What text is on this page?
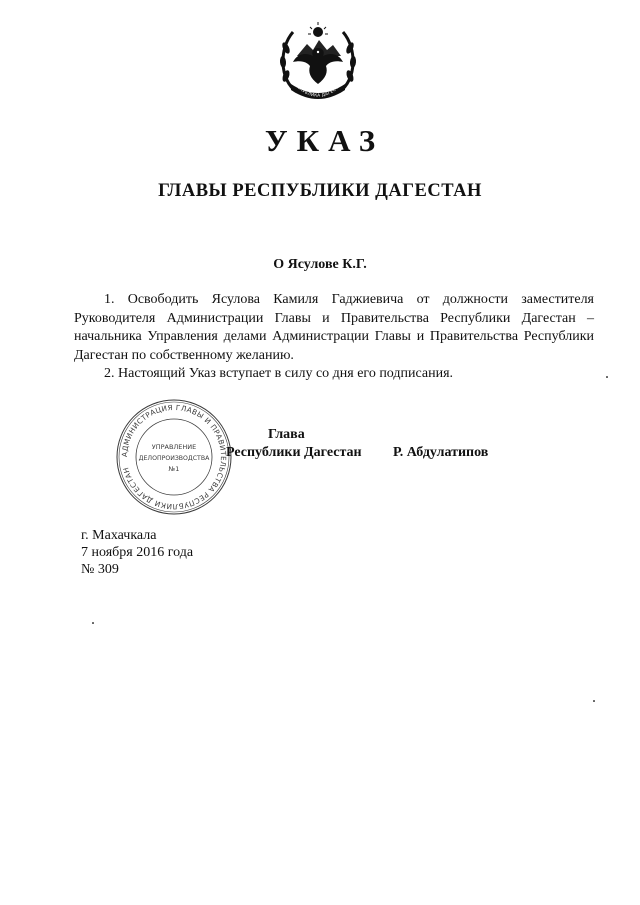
РЕСПУБЛИКА ДАГЕСТАН
УКАЗ
ГЛАВЫ РЕСПУБЛИКИ ДАГЕСТАН
О Ясулове К.Г.

1. Освободить Ясулова Камиля Гаджиевича от должности заместителя Руководителя Администрации Главы и Правительства Республики Дагестан – начальника Управления делами Администрации Главы и Правительства Республики Дагестан по собственному желанию.

2. Настоящий Указ вступает в силу со дня его подписания.

АДМИНИСТРАЦИЯ ГЛАВЫ И ПРАВИТЕЛЬСТВА РЕСПУБЛИКИ ДАГЕСТАН
УПРАВЛЕНИЕ
ДЕЛОПРОИЗВОДСТВА
№1
Глава
Республики Дагестан Р. Абдулатипов
г. Махачкала
7 ноября 2016 года
№ 309
